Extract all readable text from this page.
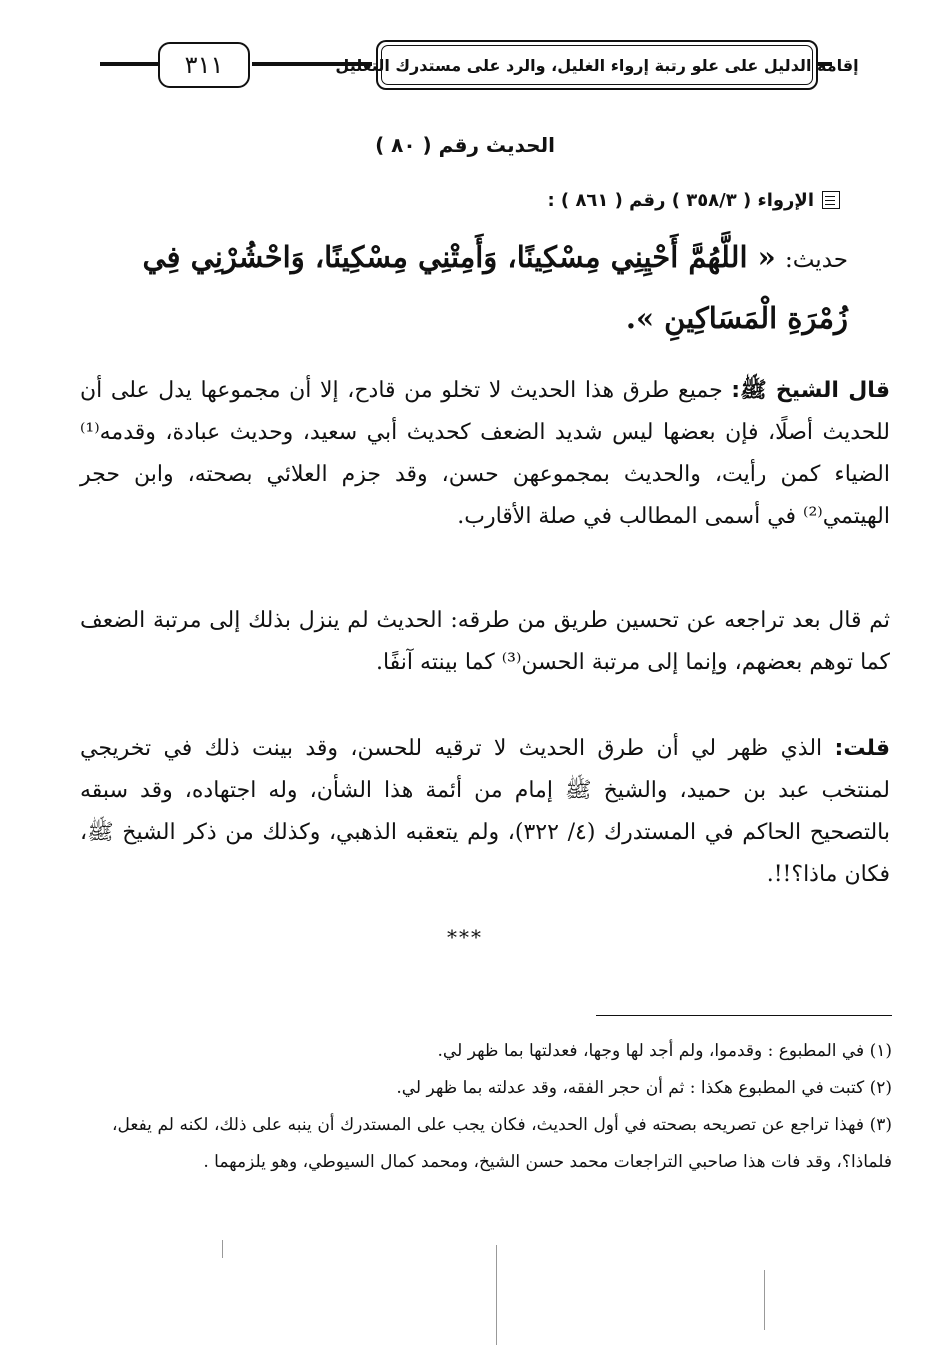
إقامة الدليل على علو رتبة إرواء الغليل، والرد على مستدرك التعليل
٣١١
الحديث رقم ( ٨٠ )
الإرواء ( ٣٥٨/٣ ) رقم ( ٨٦١ ) :
حديث: « اللَّهُمَّ أَحْيِنِي مِسْكِينًا، وَأَمِتْنِي مِسْكِينًا، وَاحْشُرْنِي فِي زُمْرَةِ الْمَسَاكِينِ ».

قال الشيخ ﷺ: جميع طرق هذا الحديث لا تخلو من قادح، إلا أن مجموعها يدل على أن للحديث أصلًا، فإن بعضها ليس شديد الضعف كحديث أبي سعيد، وحديث عبادة، وقدمه⁽¹⁾ الضياء كمن رأيت، والحديث بمجموعهن حسن، وقد جزم العلائي بصحته، وابن حجر الهيتمي⁽²⁾ في أسمى المطالب في صلة الأقارب.

ثم قال بعد تراجعه عن تحسين طريق من طرقه: الحديث لم ينزل بذلك إلى مرتبة الضعف كما توهم بعضهم، وإنما إلى مرتبة الحسن⁽³⁾ كما بينته آنفًا.

قلت: الذي ظهر لي أن طرق الحديث لا ترقيه للحسن، وقد بينت ذلك في تخريجي لمنتخب عبد بن حميد، والشيخ ﷺ إمام من أئمة هذا الشأن، وله اجتهاده، وقد سبقه بالتصحيح الحاكم في المستدرك (٤/ ٣٢٢)، ولم يتعقبه الذهبي، وكذلك من ذكر الشيخ ﷺ، فكان ماذا؟!!.

***

(١) في المطبوع : وقدموا، ولم أجد لها وجها، فعدلتها بما ظهر لي.

(٢) كتبت في المطبوع هكذا : ثم أن حجر الفقه، وقد عدلته بما ظهر لي.

(٣) فهذا تراجع عن تصريحه بصحته في أول الحديث، فكان يجب على المستدرك أن ينبه على ذلك، لكنه لم يفعل، فلماذا؟، وقد فات هذا صاحبي التراجعات محمد حسن الشيخ، ومحمد كمال السيوطي، وهو يلزمهما .
